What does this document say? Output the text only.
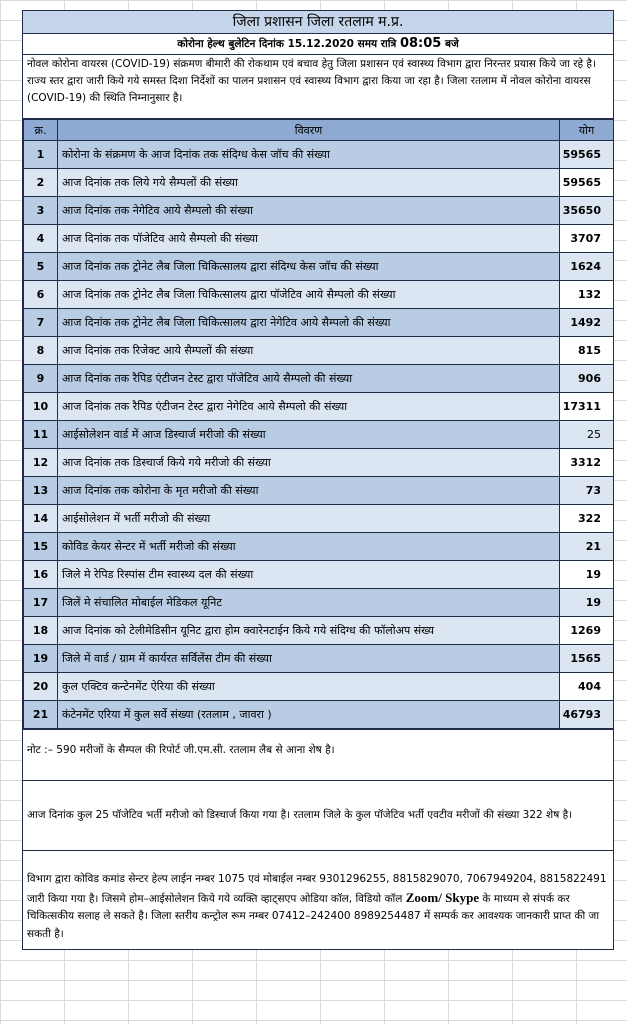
जिला प्रशासन जिला रतलाम म.प्र.
कोरोना हेल्थ बुलेटिन दिनांक 15.12.2020 समय रात्रि 08:05 बजे
नोवल कोरोना वायरस (COVID-19) संक्रमण बीमारी की रोकथाम एवं बचाव हेतु जिला प्रशासन एवं स्वास्थ्य विभाग द्वारा निरन्तर प्रयास किये जा रहे है। राज्य स्तर द्वारा जारी किये गये समस्त दिशा निर्देशों का पालन प्रशासन एवं स्वास्थ्य विभाग द्वारा किया जा रहा है। जिला रतलाम में नोवल कोरोना वायरस (COVID-19) की स्थिति निम्नानुसार है।
क्र.	विवरण	योग
1	कोरोना के संक्रमण के आज दिनांक तक संदिग्ध केस जॉच की संख्या	59565
2	आज दिनांक तक लिये गये सैम्पलों की संख्या	59565
3	आज दिनांक तक नेगेटिव आये सैम्पलो की संख्या	35650
4	आज दिनांक तक पॉजेटिव आये सैम्पलो की संख्या	3707
5	आज दिनांक तक ट्रोनेट लैब जिला चिकित्सालय द्वारा संदिग्ध केस जॉच की संख्या	1624
6	आज दिनांक तक ट्रोनेट लैब जिला चिकित्सालय द्वारा पॉजेटिव आये सैम्पलो की संख्या	132
7	आज दिनांक तक ट्रोनेट लैब जिला चिकित्सालय द्वारा नेगेटिव आये सैम्पलो की संख्या	1492
8	आज दिनांक तक रिजेक्ट आये सैम्पलों की संख्या	815
9	आज दिनांक तक रैपिड एंटीजन टेस्ट द्वारा पॉजेटिव आये सैम्पलो की संख्या	906
10	आज दिनांक तक रैपिड एंटीजन टेस्ट द्वारा नेगेटिव आये सैम्पलो की संख्या	17311
11	आईसोलेशन वार्ड में आज डिस्चार्ज मरीजो की संख्या	25
12	आज दिनांक तक डिस्चार्ज किये गये मरीजो की संख्या	3312
13	आज दिनांक तक कोरोना के मृत मरीजो की संख्या	73
14	आईसोलेशन में भर्ती मरीजो की संख्या	322
15	कोविड केयर सेन्टर में भर्ती मरीजो की संख्या	21
16	जिले मे रेपिड रिस्पांस टीम स्वास्थ्य दल की संख्या	19
17	जिलें मे संचालित मोबाईल मेडिकल यूनिट	19
18	आज दिनांक को टेलीमेडिसीन यूनिट द्वारा होम क्वारेनटाईन किये गये संदिग्ध की फॉलोअप संख्य	1269
19	जिले में वार्ड / ग्राम में कार्यरत सर्विलेंस टीम की संख्या	1565
20	कुल एक्टिव कन्टेनमेंट ऐरिया की संख्या	404
21	कंटेनमेंट एरिया में कुल सर्वे संख्या (रतलाम , जावरा )	46793
नोट :– 590 मरीजों के सैम्पल की रिपोर्ट जी.एम.सी. रतलाम लैब से आना शेष है।
आज दिनांक कुल 25 पॉजेटिव भर्ती मरीजो को डिस्चार्ज किया गया है। रतलाम जिले के कुल पॉजेटिव भर्ती एवटीव मरीजों की संख्या 322 शेष है।
विभाग द्वारा कोविड कमांड सेन्टर हेल्प लाईन नम्बर 1075 एवं मोबाईल नम्बर 9301296255, 8815829070, 7067949204, 8815822491 जारी किया गया है। जिसमे होम–आईसोलेशन किये गये व्यक्ति व्हाट्सएप ओडिया कॉल, विडियो कॉल Zoom/ Skype के माध्यम से संपर्क कर चिकित्सकीय सलाह ले सकते है। जिला स्तरीय कन्ट्रोल रूम नम्बर 07412–242400 8989254487 में सम्पर्क कर आवश्यक जानकारी प्राप्त की जा सकती है।
